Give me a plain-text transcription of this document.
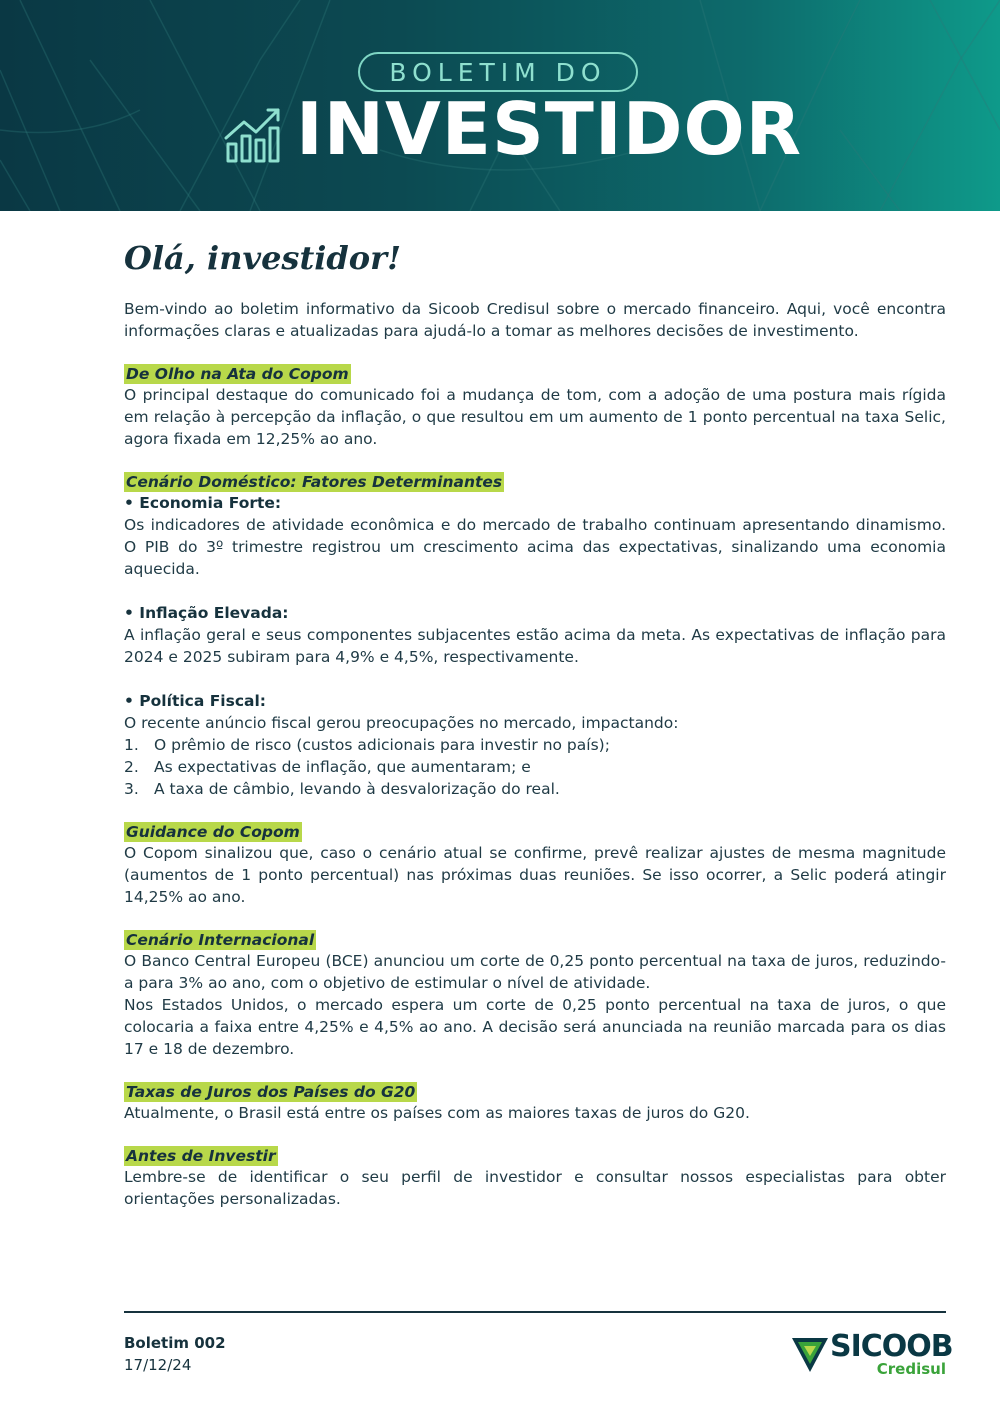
BOLETIM DO
INVESTIDOR
Olá, investidor!

Bem-vindo ao boletim informativo da Sicoob Credisul sobre o mercado financeiro. Aqui, você encontra informações claras e atualizadas para ajudá-lo a tomar as melhores decisões de investimento.

De Olho na Ata do Copom

O principal destaque do comunicado foi a mudança de tom, com a adoção de uma postura mais rígida em relação à percepção da inflação, o que resultou em um aumento de 1 ponto percentual na taxa Selic, agora fixada em 12,25% ao ano.

Cenário Doméstico: Fatores Determinantes

• Economia Forte:

Os indicadores de atividade econômica e do mercado de trabalho continuam apresentando dinamismo. O PIB do 3º trimestre registrou um crescimento acima das expectativas, sinalizando uma economia aquecida.

• Inflação Elevada:

A inflação geral e seus componentes subjacentes estão acima da meta. As expectativas de inflação para 2024 e 2025 subiram para 4,9% e 4,5%, respectivamente.

• Política Fiscal:

O recente anúncio fiscal gerou preocupações no mercado, impactando:

1. O prêmio de risco (custos adicionais para investir no país);
2. As expectativas de inflação, que aumentaram; e
3. A taxa de câmbio, levando à desvalorização do real.
Guidance do Copom

O Copom sinalizou que, caso o cenário atual se confirme, prevê realizar ajustes de mesma magnitude (aumentos de 1 ponto percentual) nas próximas duas reuniões. Se isso ocorrer, a Selic poderá atingir 14,25% ao ano.

Cenário Internacional

O Banco Central Europeu (BCE) anunciou um corte de 0,25 ponto percentual na taxa de juros, reduzindo-a para 3% ao ano, com o objetivo de estimular o nível de atividade.

Nos Estados Unidos, o mercado espera um corte de 0,25 ponto percentual na taxa de juros, o que colocaria a faixa entre 4,25% e 4,5% ao ano. A decisão será anunciada na reunião marcada para os dias 17 e 18 de dezembro.

Taxas de Juros dos Países do G20

Atualmente, o Brasil está entre os países com as maiores taxas de juros do G20.

Antes de Investir

Lembre-se de identificar o seu perfil de investidor e consultar nossos especialistas para obter orientações personalizadas.

Boletim 002
17/12/24
SICOOB
Credisul
